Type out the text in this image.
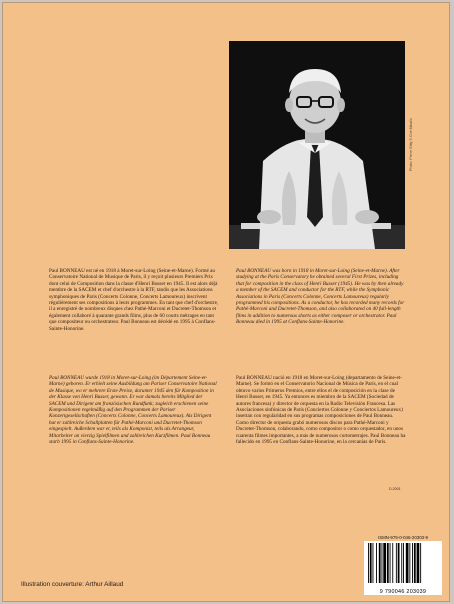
Photo: Pierre Gitty © Ché Mikalio

Paul BONNEAU est né en 1918 à Moret-sur-Loing (Seine-et-Marne). Formé au Conservatoire National de Musique de Paris, il y reçoit plusieurs Premiers Prix dont celui de Composition dans la classe d'Henri Busser en 1945. Il est alors déjà membre de la SACEM et chef d'orchestre à la RTF, tandis que les Associations symphoniques de Paris (Concerts Colonne, Concerts Lamoureux) inscrivent régulièrement ses compositions à leurs programmes. En tant que chef d'orchestre, il a enregistré de nombreux disques chez Pathé-Marconi et Ducretet-Thomson et également collaboré à quarante grands films, plus de 60 courts métrages en tant que compositeur ou orchestrateur. Paul Bonneau est décédé en 1995 à Conflans-Sainte-Honorine.

Paul BONNEAU was born in 1918 in Moret-sur-Loing (Seine-et-Marne). After studying at the Paris Conservatory he obtained several First Prizes, including that for composition in the class of Henri Busser (1945). He was by then already a member of the SACEM and conductor for the RTF, while the Symphonic Associations in Paris (Concerts Colonne, Concerts Lamoureux) regularly programmed his compositions. As a conductor, he has recorded many records for Pathé-Marconi and Ducretet-Thomson, and also collaborated on 40 full-length films in addition to numerous shorts as either composer or orchestrator. Paul Bonneau died in 1995 at Conflans-Sainte-Honorine.

Paul BONNEAU wurde 1918 in Moret-sur-Loing (im Département Seine-et-Marne) geboren. Er erhielt seine Ausbildung am Pariser Conservatoire National de Musique, wo er mehrere Erste Preise, darunter 1945 den für Komposition in der Klasse von Henri Busser, gewann. Er war damals bereits Mitglied der SACEM und Dirigent am französischen Rundfunk; zugleich erschienen seine Kompositionen regelmäßig auf den Programmen der Pariser Konzertgesellschaften (Concerts Colonne, Concerts Lamoureux). Als Dirigent hat er zahlreiche Schallplatten für Pathé-Marconi und Ducretet-Thomson eingespielt. Außerdem war er, teils als Komponist, teils als Arrangeur, Mitarbeiter an vierzig Spielfilmen und zahlreichen Kurzfilmen. Paul Bonneau starb 1995 in Conflans-Sainte-Honorine.

Paul BONNEAU nació en 1918 en Moret-sur-Loing (departamento de Seine-et-Marne). Se formó en el Conservatorio Nacional de Música de París, en el cual obtuvo varios Primeros Premios, entre ellos el de composición en la clase de Henri Busser, en 1945. Ya entonces es miembro de la SACEM (Sociedad de autores francesa) y director de orquesta en la Radio Televisión Francesa. Las Asociaciones sinfónicas de París (Conciertos Colonne y Conciertos Lamoureux) insertan con regularidad en sus programas composiciones de Paul Bonneau. Como director de orquesta grabó numerosos discos para Pathé-Marconi y Ducretet-Thomson, colaborando, como compositor o como orquestador, en unos cuarenta filmes importantes, a más de numerosos cortometrajes. Paul Bonneau ha fallecido en 1995 en Conflans-Sainte-Honorine, en la cercanías de París.

D.2001
ISMN-979-0-046-20303-9
9 790046 203039
Illustration couverture: Arthur Aillaud
